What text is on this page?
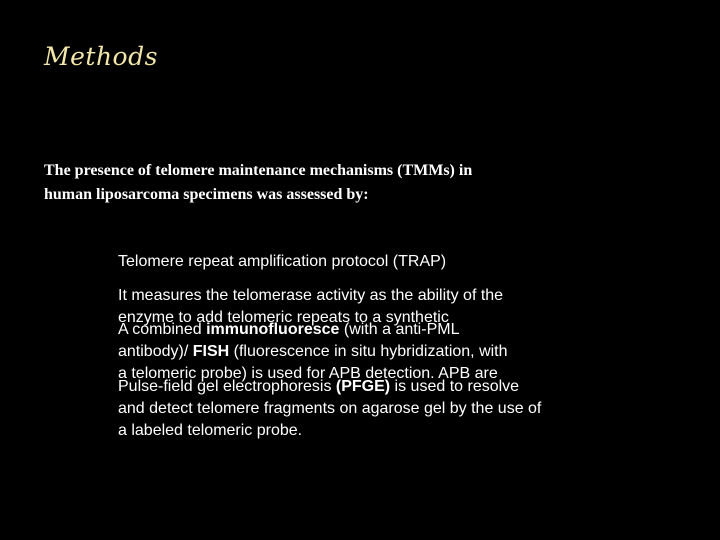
Methods
The presence of telomere maintenance mechanisms (TMMs) in
human liposarcoma specimens was assessed by:
Telomere repeat amplification protocol (TRAP)
It measures the telomerase activity as the ability of the
enzyme to add telomeric repeats to a synthetic
A combined immunofluoresce (with a anti-PML
antibody)/ FISH (fluorescence in situ hybridization, with
a telomeric probe) is used for APB detection. APB are
Pulse-field gel electrophoresis (PFGE) is used to resolve
and detect telomere fragments on agarose gel by the use of
a labeled telomeric probe.
